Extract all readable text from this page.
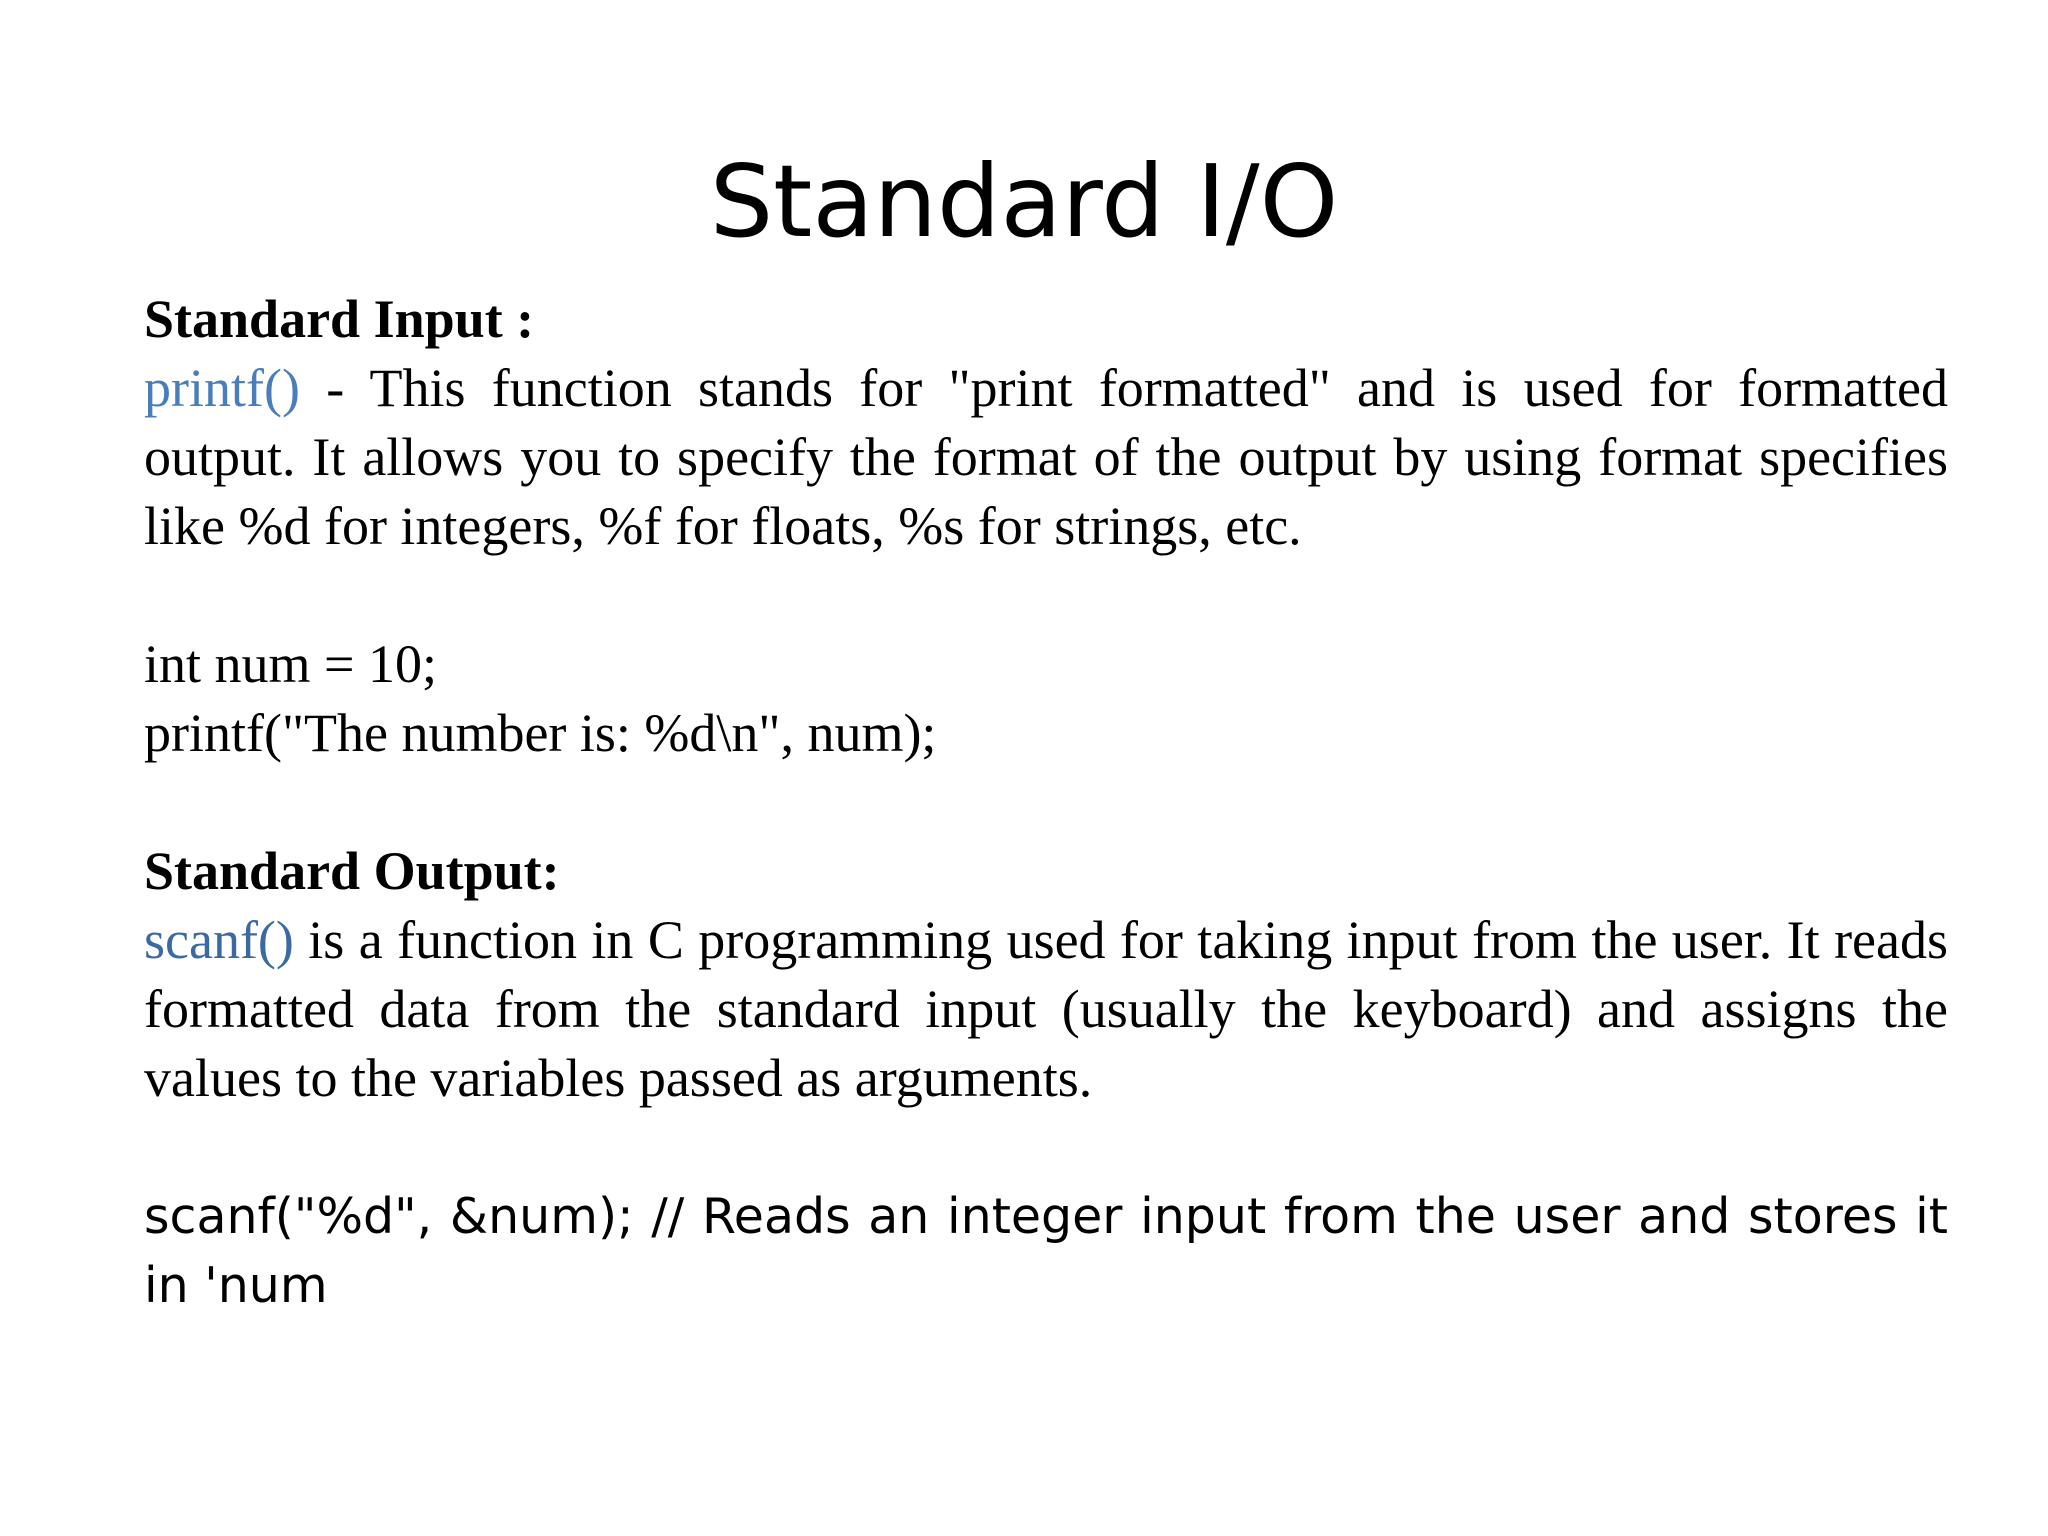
Standard I/O

Standard Input :

printf() - This function stands for "print formatted" and is used for formatted output. It allows you to specify the format of the output by using format specifies like %d for integers, %f for floats, %s for strings, etc.

int num = 10;

printf("The number is: %d\n", num);

Standard Output:

scanf() is a function in C programming used for taking input from the user. It reads formatted data from the standard input (usually the keyboard) and assigns the values to the variables passed as arguments.

scanf("%d", &num); // Reads an integer input from the user and stores it in 'num
